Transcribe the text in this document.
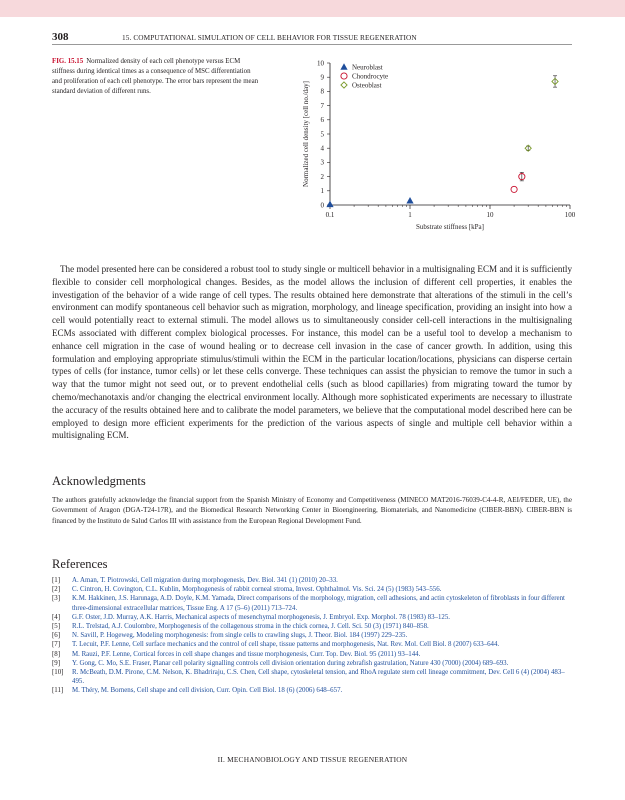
308	15. COMPUTATIONAL SIMULATION OF CELL BEHAVIOR FOR TISSUE REGENERATION
FIG. 15.15 Normalized density of each cell phenotype versus ECM stiffness during identical times as a consequence of MSC differentiation and proliferation of each cell phenotype. The error bars represent the mean standard deviation of different runs.
0
1
2
3
4
5
6
7
8
9
10
0.1	1	10	100
Neuroblast
Chondrocyte
Osteoblast
Substrate stiffness [kPa]
Normalized cell density [cell no./day]
The model presented here can be considered a robust tool to study single or multicell behavior in a multisignaling ECM and it is sufficiently flexible to consider cell morphological changes. Besides, as the model allows the inclusion of different cell properties, it enables the investigation of the behavior of a wide range of cell types. The results obtained here demonstrate that alterations of the stimuli in the cell’s environment can modify spontaneous cell behavior such as migration, morphology, and lineage specification, providing an insight into how a cell would potentially react to external stimuli. The model allows us to simultaneously consider cell-cell interactions in the multisignaling ECMs associated with different complex biological processes. For instance, this model can be a useful tool to develop a mechanism to enhance cell migration in the case of wound healing or to decrease cell invasion in the case of cancer growth. In addition, using this formulation and employing appropriate stimulus/stimuli within the ECM in the particular location/locations, physicians can disperse certain types of cells (for instance, tumor cells) or let these cells converge. These techniques can assist the physician to remove the tumor in such a way that the tumor might not seed out, or to prevent endothelial cells (such as blood capillaries) from migrating toward the tumor by chemo/mechanotaxis and/or changing the electrical environment locally. Although more sophisticated experiments are necessary to illustrate the accuracy of the results obtained here and to calibrate the model parameters, we believe that the computational model described here can be employed to design more efficient experiments for the prediction of the various aspects of single and multiple cell behavior within a multisignaling ECM.
Acknowledgments
The authors gratefully acknowledge the financial support from the Spanish Ministry of Economy and Competitiveness (MINECO MAT2016-76039-C4-4-R, AEI/FEDER, UE), the Government of Aragon (DGA-T24-17R), and the Biomedical Research Networking Center in Bioengineering, Biomaterials, and Nanomedicine (CIBER-BBN). CIBER-BBN is financed by the Instituto de Salud Carlos III with assistance from the European Regional Development Fund.
References
[1] A. Aman, T. Piotrowski, Cell migration during morphogenesis, Dev. Biol. 341 (1) (2010) 20–33.
[2] C. Cintron, H. Covington, C.L. Kublin, Morphogenesis of rabbit corneal stroma, Invest. Ophthalmol. Vis. Sci. 24 (5) (1983) 543–556.
[3] K.M. Hakkinen, J.S. Harunaga, A.D. Doyle, K.M. Yamada, Direct comparisons of the morphology, migration, cell adhesions, and actin cytoskeleton of fibroblasts in four different three-dimensional extracellular matrices, Tissue Eng. A 17 (5–6) (2011) 713–724.
[4] G.F. Oster, J.D. Murray, A.K. Harris, Mechanical aspects of mesenchymal morphogenesis, J. Embryol. Exp. Morphol. 78 (1983) 83–125.
[5] R.L. Trelstad, A.J. Coulombre, Morphogenesis of the collagenous stroma in the chick cornea, J. Cell. Sci. 50 (3) (1971) 840–858.
[6] N. Savill, P. Hogeweg, Modeling morphogenesis: from single cells to crawling slugs, J. Theor. Biol. 184 (1997) 229–235.
[7] T. Lecuit, P.F. Lenne, Cell surface mechanics and the control of cell shape, tissue patterns and morphogenesis, Nat. Rev. Mol. Cell Biol. 8 (2007) 633–644.
[8] M. Rauzi, P.F. Lenne, Cortical forces in cell shape changes and tissue morphogenesis, Curr. Top. Dev. Biol. 95 (2011) 93–144.
[9] Y. Gong, C. Mo, S.E. Fraser, Planar cell polarity signalling controls cell division orientation during zebrafish gastrulation, Nature 430 (7000) (2004) 689–693.
[10] R. McBeath, D.M. Pirone, C.M. Nelson, K. Bhadriraju, C.S. Chen, Cell shape, cytoskeletal tension, and RhoA regulate stem cell lineage commitment, Dev. Cell 6 (4) (2004) 483–495.
[11] M. Théry, M. Bornens, Cell shape and cell division, Curr. Opin. Cell Biol. 18 (6) (2006) 648–657.
II. MECHANOBIOLOGY AND TISSUE REGENERATION
